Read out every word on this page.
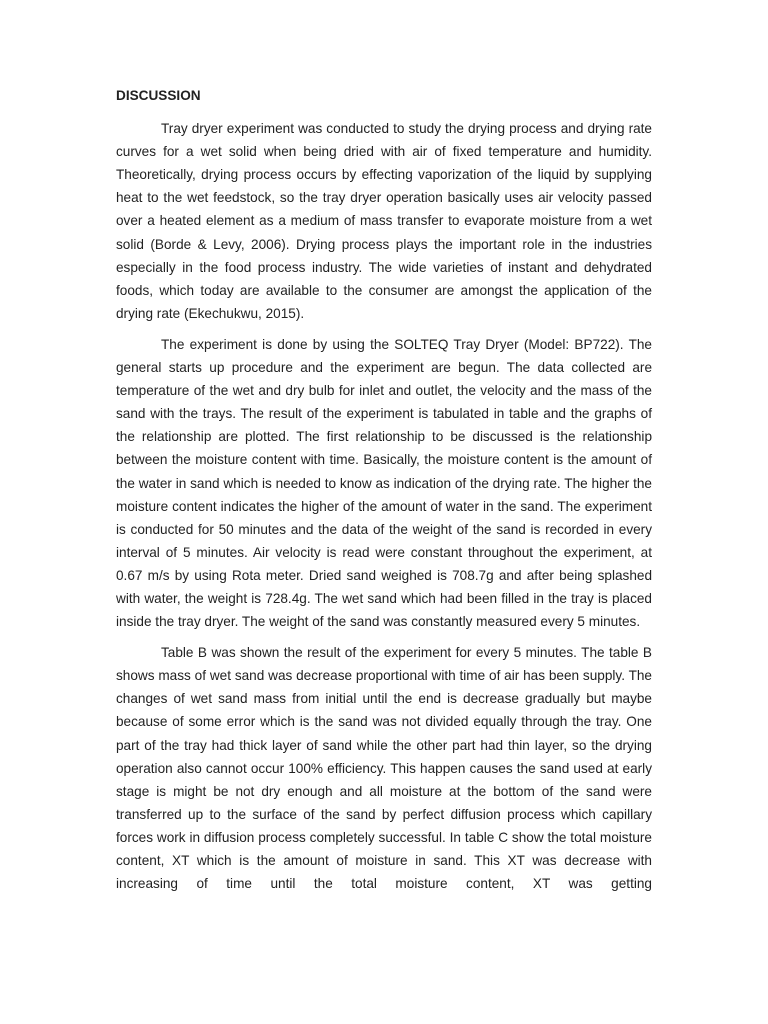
DISCUSSION

Tray dryer experiment was conducted to study the drying process and drying rate curves for a wet solid when being dried with air of fixed temperature and humidity. Theoretically, drying process occurs by effecting vaporization of the liquid by supplying heat to the wet feedstock, so the tray dryer operation basically uses air velocity passed over a heated element as a medium of mass transfer to evaporate moisture from a wet solid (Borde & Levy, 2006). Drying process plays the important role in the industries especially in the food process industry. The wide varieties of instant and dehydrated foods, which today are available to the consumer are amongst the application of the drying rate (Ekechukwu, 2015).

The experiment is done by using the SOLTEQ Tray Dryer (Model: BP722). The general starts up procedure and the experiment are begun. The data collected are temperature of the wet and dry bulb for inlet and outlet, the velocity and the mass of the sand with the trays. The result of the experiment is tabulated in table and the graphs of the relationship are plotted. The first relationship to be discussed is the relationship between the moisture content with time. Basically, the moisture content is the amount of the water in sand which is needed to know as indication of the drying rate. The higher the moisture content indicates the higher of the amount of water in the sand. The experiment is conducted for 50 minutes and the data of the weight of the sand is recorded in every interval of 5 minutes. Air velocity is read were constant throughout the experiment, at 0.67 m/s by using Rota meter. Dried sand weighed is 708.7g and after being splashed with water, the weight is 728.4g. The wet sand which had been filled in the tray is placed inside the tray dryer. The weight of the sand was constantly measured every 5 minutes.

Table B was shown the result of the experiment for every 5 minutes. The table B shows mass of wet sand was decrease proportional with time of air has been supply. The changes of wet sand mass from initial until the end is decrease gradually but maybe because of some error which is the sand was not divided equally through the tray. One part of the tray had thick layer of sand while the other part had thin layer, so the drying operation also cannot occur 100% efficiency. This happen causes the sand used at early stage is might be not dry enough and all moisture at the bottom of the sand were transferred up to the surface of the sand by perfect diffusion process which capillary forces work in diffusion process completely successful. In table C show the total moisture content, XT which is the amount of moisture in sand. This XT was decrease with increasing of time until the total moisture content, XT was getting
